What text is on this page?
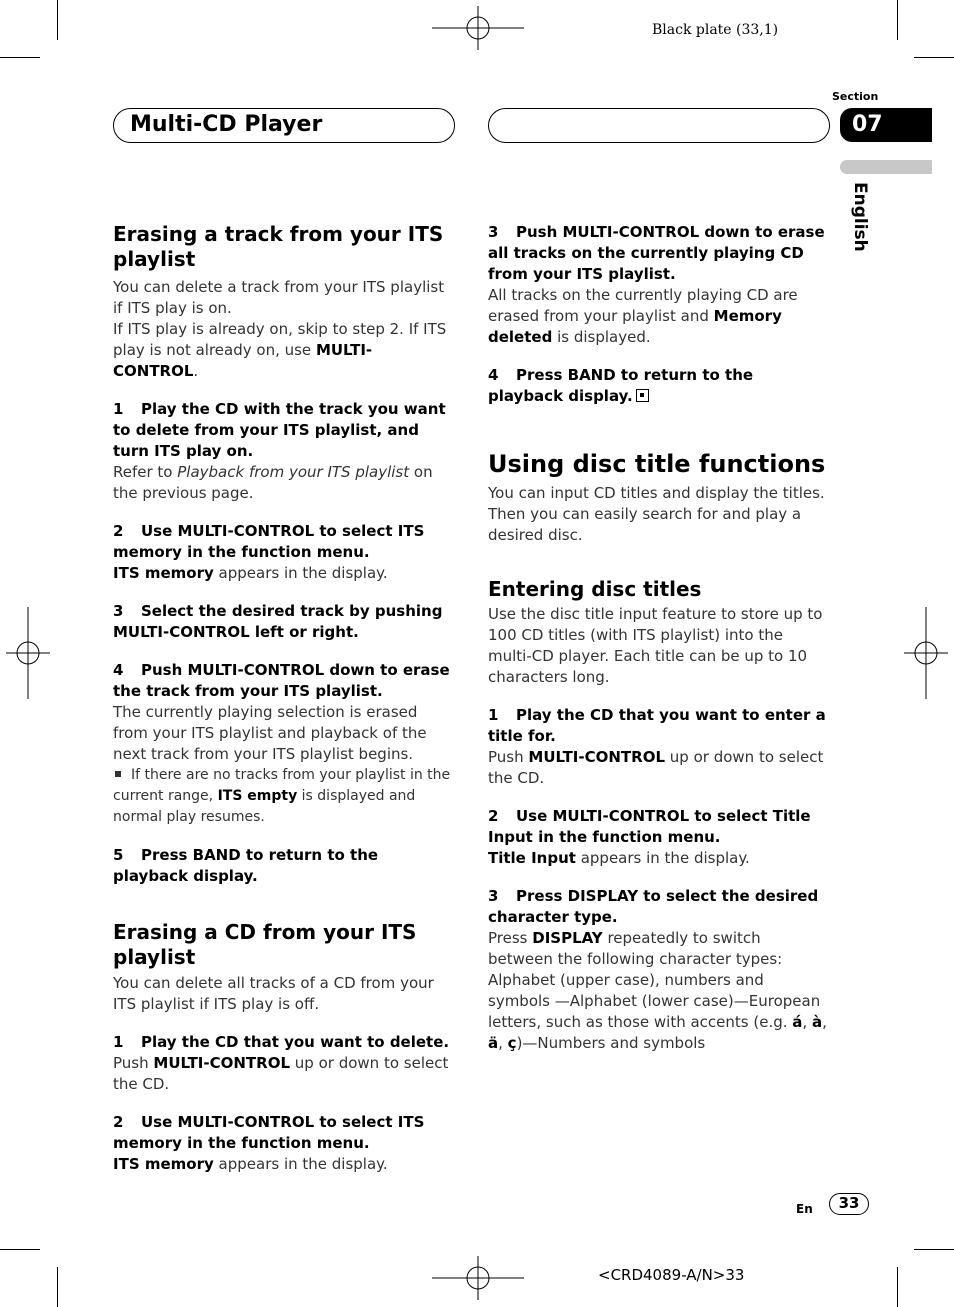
Black plate (33,1)
Multi-CD Player
Section
07
English
Erasing a track from your ITS playlist

You can delete a track from your ITS playlist if ITS play is on.

If ITS play is already on, skip to step 2. If ITS play is not already on, use MULTI-CONTROL.

1 Play the CD with the track you want to delete from your ITS playlist, and turn ITS play on.

Refer to Playback from your ITS playlist on the previous page.

2 Use MULTI-CONTROL to select ITS memory in the function menu.

ITS memory appears in the display.

3 Select the desired track by pushing MULTI-CONTROL left or right.
4 Push MULTI-CONTROL down to erase the track from your ITS playlist.

The currently playing selection is erased from your ITS playlist and playback of the next track from your ITS playlist begins.

If there are no tracks from your playlist in the current range, ITS empty is displayed and normal play resumes.

5 Press BAND to return to the playback display.
Erasing a CD from your ITS playlist

You can delete all tracks of a CD from your ITS playlist if ITS play is off.

1 Play the CD that you want to delete.

Push MULTI-CONTROL up or down to select the CD.

2 Use MULTI-CONTROL to select ITS memory in the function menu.

ITS memory appears in the display.

3 Push MULTI-CONTROL down to erase all tracks on the currently playing CD from your ITS playlist.

All tracks on the currently playing CD are erased from your playlist and Memory deleted is displayed.

4 Press BAND to return to the playback display.
Using disc title functions

You can input CD titles and display the titles. Then you can easily search for and play a desired disc.

Entering disc titles

Use the disc title input feature to store up to 100 CD titles (with ITS playlist) into the multi-CD player. Each title can be up to 10 characters long.

1 Play the CD that you want to enter a title for.

Push MULTI-CONTROL up or down to select the CD.

2 Use MULTI-CONTROL to select Title Input in the function menu.

Title Input appears in the display.

3 Press DISPLAY to select the desired character type.

Press DISPLAY repeatedly to switch between the following character types:

Alphabet (upper case), numbers and symbols —Alphabet (lower case)—European letters, such as those with accents (e.g. á, à, ä, ç)—Numbers and symbols

En	33
<CRD4089-A/N>33
